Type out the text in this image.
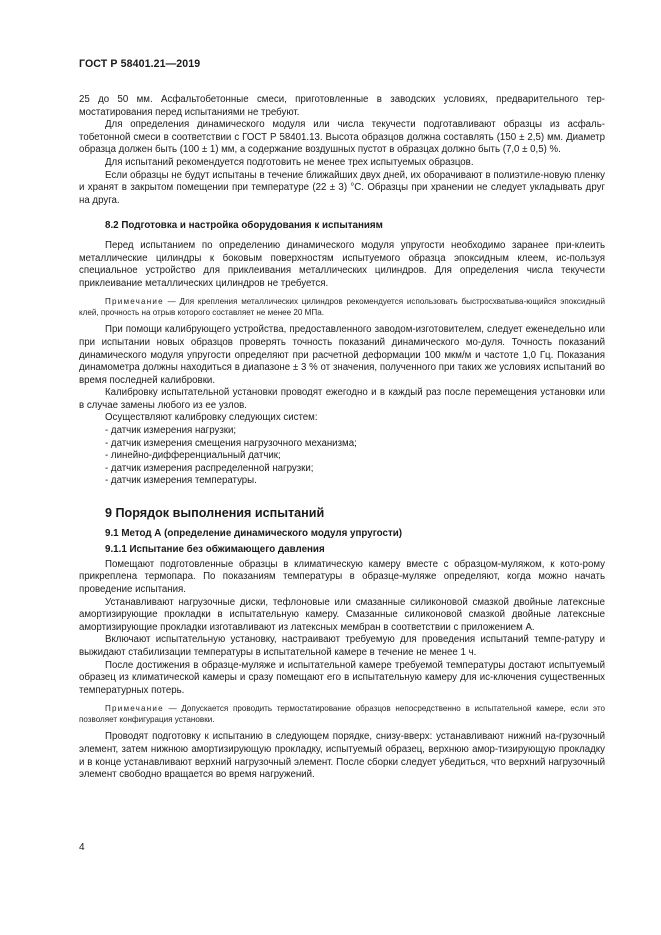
ГОСТ Р 58401.21—2019

25 до 50 мм. Асфальтобетонные смеси, приготовленные в заводских условиях, предварительного тер-мостатирования перед испытаниями не требуют.

Для определения динамического модуля или числа текучести подготавливают образцы из асфаль-тобетонной смеси в соответствии с ГОСТ Р 58401.13. Высота образцов должна составлять (150 ± 2,5) мм. Диаметр образца должен быть (100 ± 1) мм, а содержание воздушных пустот в образцах должно быть (7,0 ± 0,5) %.

Для испытаний рекомендуется подготовить не менее трех испытуемых образцов.

Если образцы не будут испытаны в течение ближайших двух дней, их оборачивают в полиэтиле-новую пленку и хранят в закрытом помещении при температуре (22 ± 3) °С. Образцы при хранении не следует укладывать друг на друга.

8.2 Подготовка и настройка оборудования к испытаниям

Перед испытанием по определению динамического модуля упругости необходимо заранее при-клеить металлические цилиндры к боковым поверхностям испытуемого образца эпоксидным клеем, ис-пользуя специальное устройство для приклеивания металлических цилиндров. Для определения числа текучести приклеивание металлических цилиндров не требуется.

Примечание — Для крепления металлических цилиндров рекомендуется использовать быстросхватыва-ющийся эпоксидный клей, прочность на отрыв которого составляет не менее 20 МПа.

При помощи калибрующего устройства, предоставленного заводом-изготовителем, следует еженедельно или при испытании новых образцов проверять точность показаний динамического мо-дуля. Точность показаний динамического модуля упругости определяют при расчетной деформации 100 мкм/м и частоте 1,0 Гц. Показания динамометра должны находиться в диапазоне ± 3 % от значения, полученного при таких же условиях испытаний во время последней калибровки.

Калибровку испытательной установки проводят ежегодно и в каждый раз после перемещения установки или в случае замены любого из ее узлов.

Осуществляют калибровку следующих систем:

- датчик измерения нагрузки;
- датчик измерения смещения нагрузочного механизма;
- линейно-дифференциальный датчик;
- датчик измерения распределенной нагрузки;
- датчик измерения температуры.
9 Порядок выполнения испытаний
9.1 Метод А (определение динамического модуля упругости)
9.1.1 Испытание без обжимающего давления

Помещают подготовленные образцы в климатическую камеру вместе с образцом-муляжом, к кото-рому прикреплена термопара. По показаниям температуры в образце-муляже определяют, когда можно начать проведение испытания.

Устанавливают нагрузочные диски, тефлоновые или смазанные силиконовой смазкой двойные латексные амортизирующие прокладки в испытательную камеру. Смазанные силиконовой смазкой двойные латексные амортизирующие прокладки изготавливают из латексных мембран в соответствии с приложением А.

Включают испытательную установку, настраивают требуемую для проведения испытаний темпе-ратуру и выжидают стабилизации температуры в испытательной камере в течение не менее 1 ч.

После достижения в образце-муляже и испытательной камере требуемой температуры достают испытуемый образец из климатической камеры и сразу помещают его в испытательную камеру для ис-ключения существенных температурных потерь.

Примечание — Допускается проводить термостатирование образцов непосредственно в испытательной камере, если это позволяет конфигурация установки.

Проводят подготовку к испытанию в следующем порядке, снизу-вверх: устанавливают нижний на-грузочный элемент, затем нижнюю амортизирующую прокладку, испытуемый образец, верхнюю амор-тизирующую прокладку и в конце устанавливают верхний нагрузочный элемент. После сборки следует убедиться, что верхний нагрузочный элемент свободно вращается во время нагружений.

4
